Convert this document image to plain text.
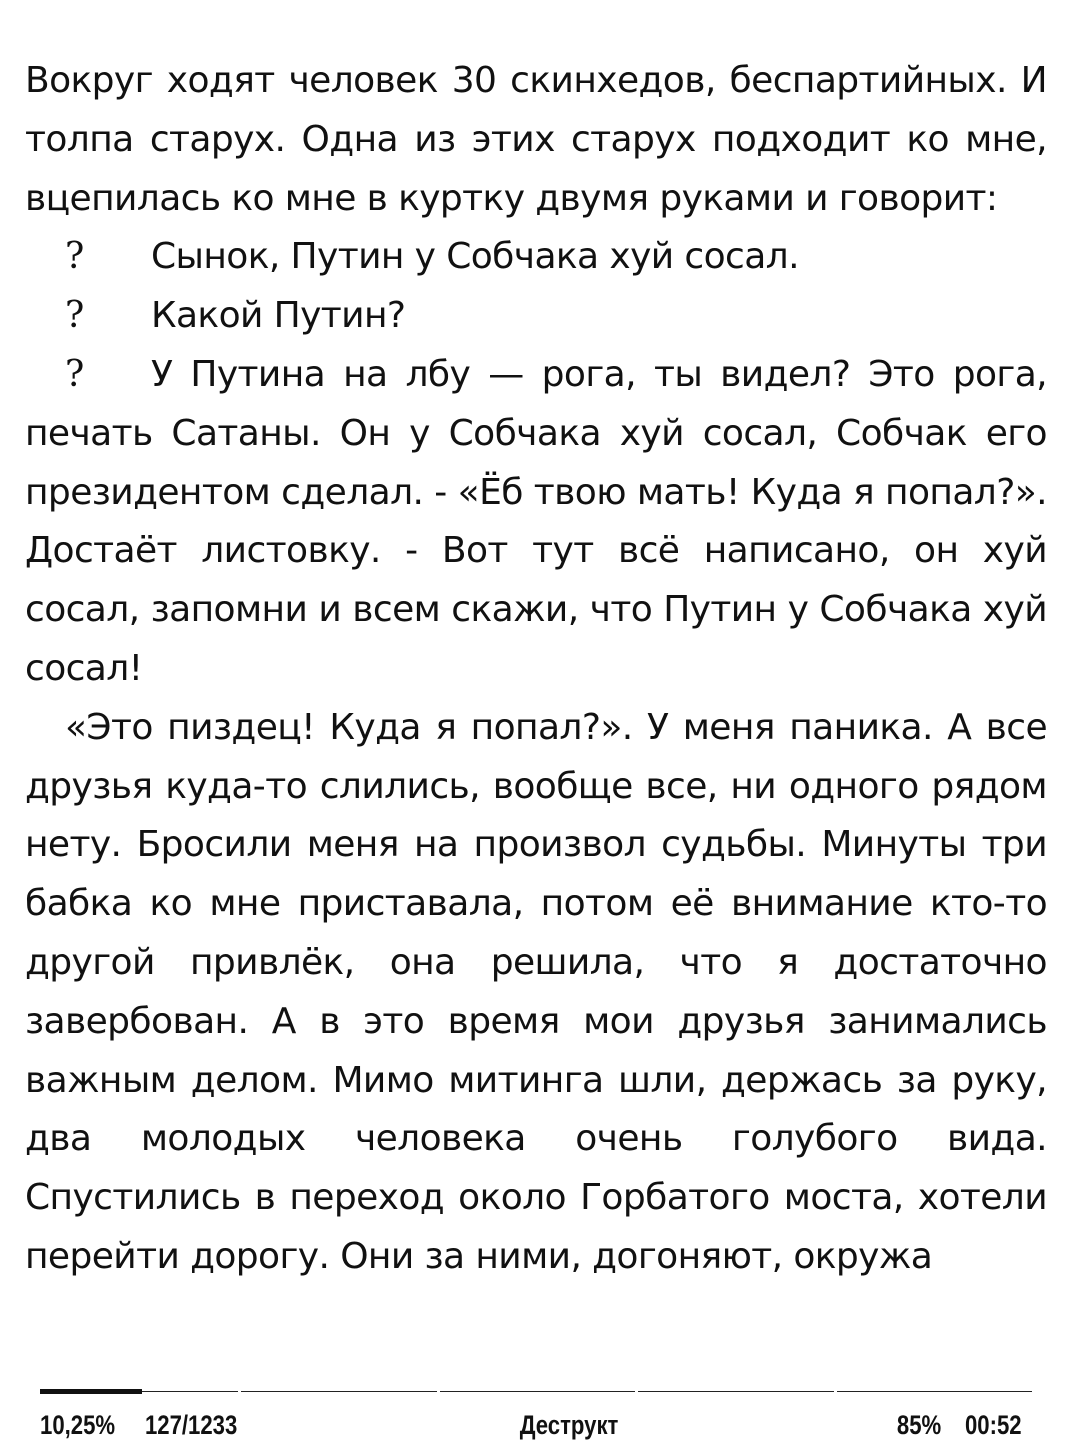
Вокруг ходят человек 30 скинхедов, беспартийных. И толпа старух. Одна из этих старух подходит ко мне, вцепилась ко мне в куртку двумя руками и говорит:

? Сынок, Путин у Собчака хуй сосал.

? Какой Путин?

? У Путина на лбу — рога, ты видел? Это рога, печать Сатаны. Он у Собчака хуй сосал, Собчак его президентом сделал. - «Ёб твою мать! Куда я попал?». Достаёт листовку. - Вот тут всё написано, он хуй сосал, запомни и всем скажи, что Путин у Собчака хуй сосал!

«Это пиздец! Куда я попал?». У меня паника. А все друзья куда-то слились, вообще все, ни одного рядом нету. Бросили меня на произвол судьбы. Минуты три бабка ко мне приставала, потом её внимание кто-то другой привлёк, она решила, что я достаточно завербован. А в это время мои друзья занимались важным делом. Мимо митинга шли, держась за руку, два молодых человека очень голубого вида. Спустились в переход около Горбатого моста, хотели перейти дорогу. Они за ними, догоняют, окружа

10,25% 127/1233	Деструкт	85% 00:52
